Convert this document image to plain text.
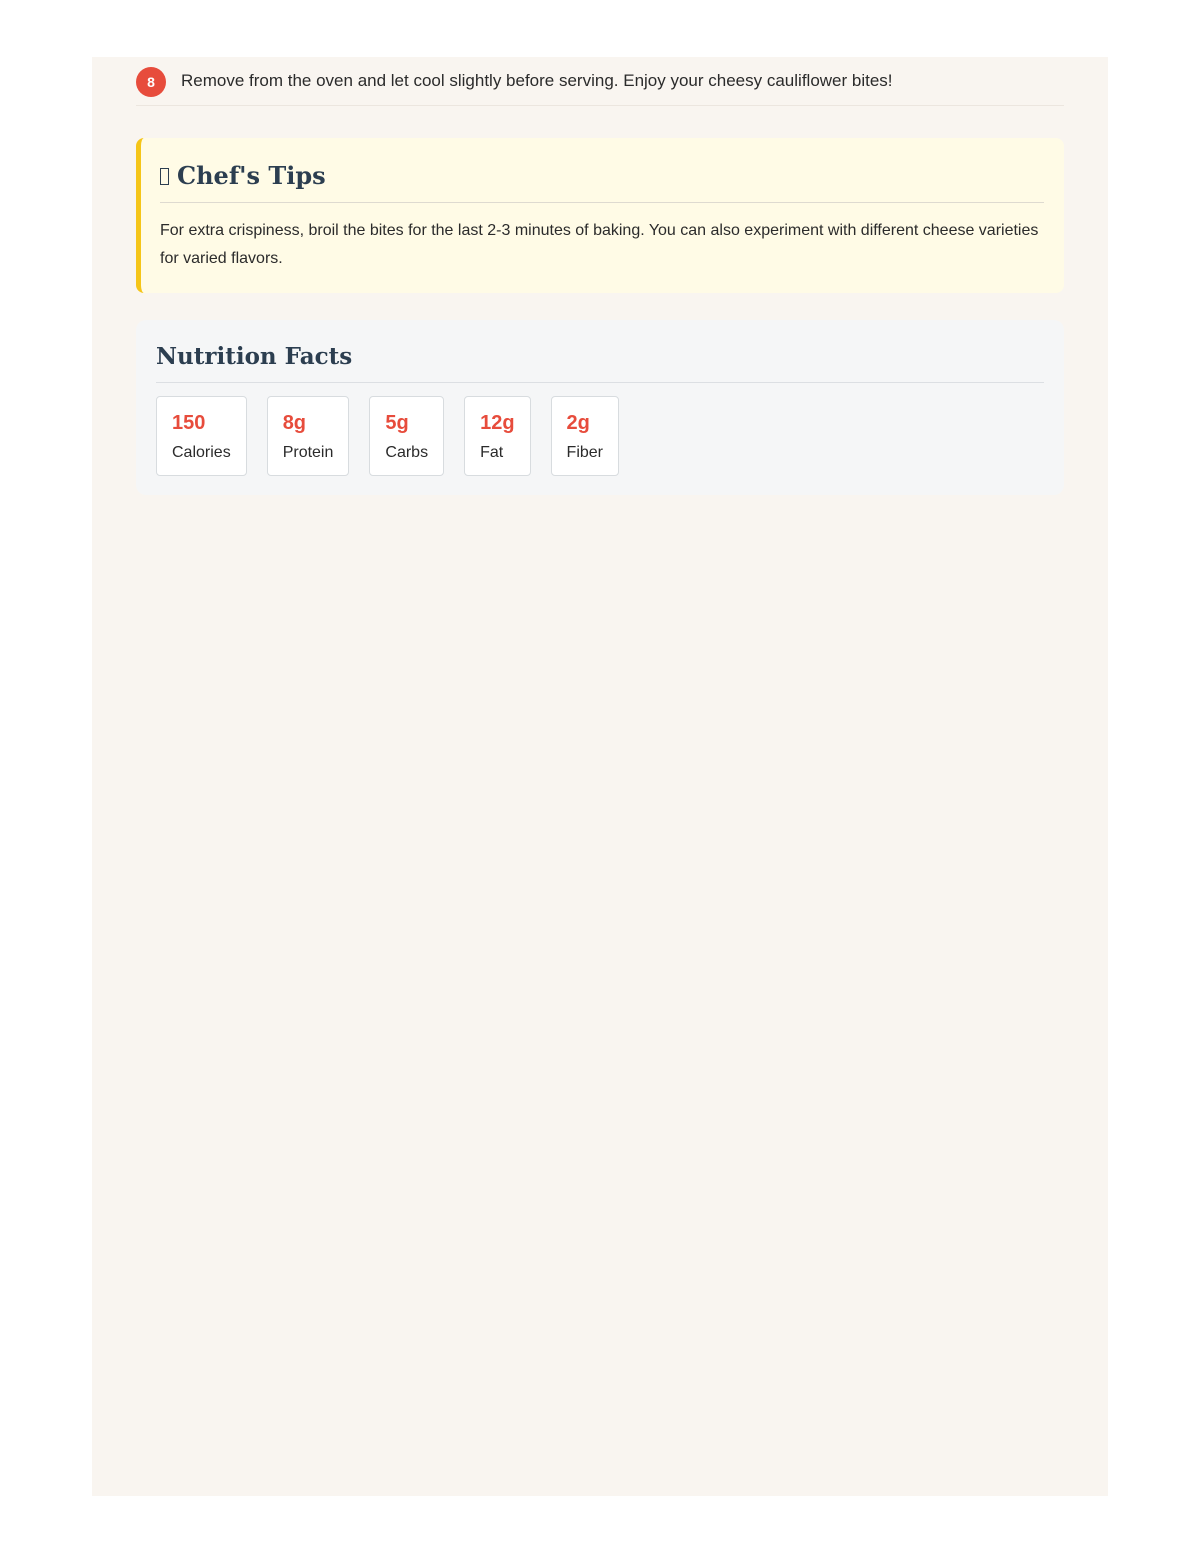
8	Remove from the oven and let cool slightly before serving. Enjoy your cheesy cauliflower bites!
Chef's Tips

For extra crispiness, broil the bites for the last 2-3 minutes of baking. You can also experiment with different cheese varieties for varied flavors.

Nutrition Facts
150
Calories
8g
Protein
5g
Carbs
12g
Fat
2g
Fiber
